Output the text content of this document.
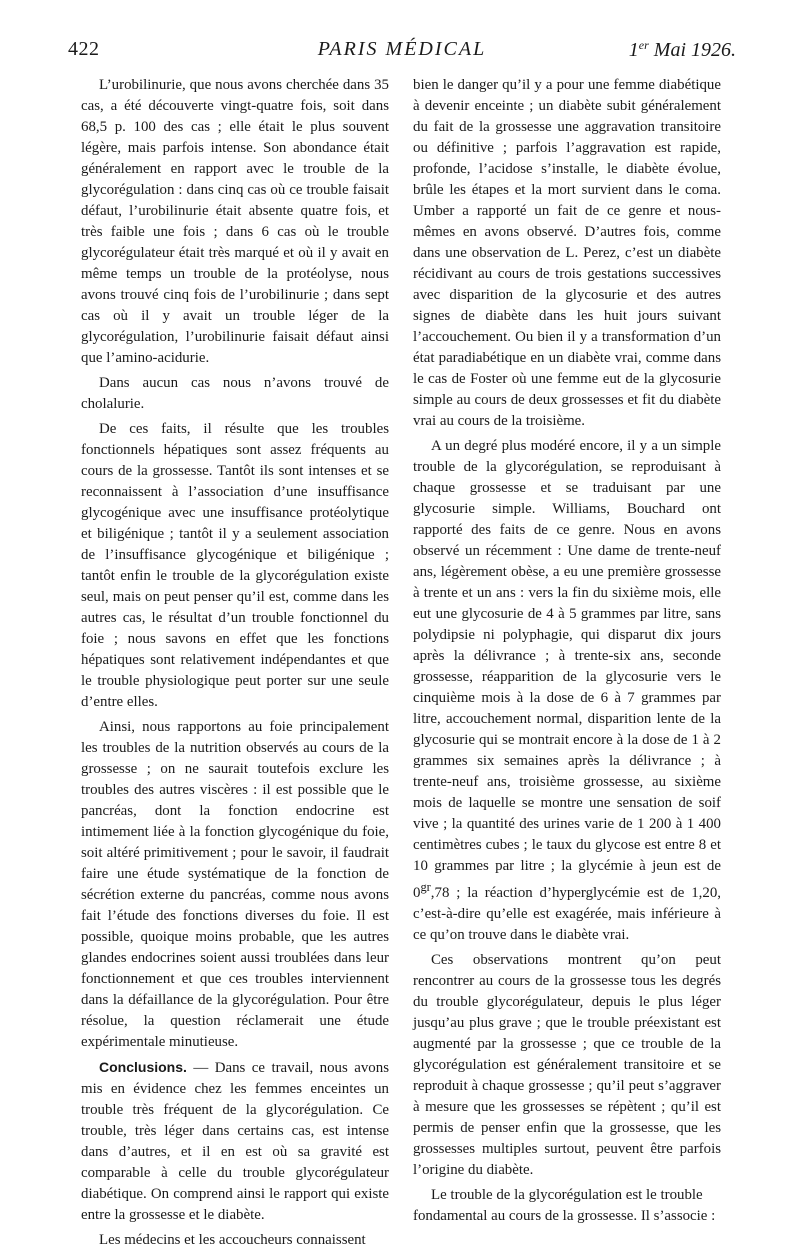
422	PARIS MÉDICAL	1er Mai 1926.

L’urobilinurie, que nous avons cherchée dans 35 cas, a été découverte vingt-quatre fois, soit dans 68,5 p. 100 des cas ; elle était le plus souvent légère, mais parfois intense. Son abondance était généralement en rapport avec le trouble de la glycorégulation : dans cinq cas où ce trouble faisait défaut, l’urobilinurie était absente quatre fois, et très faible une fois ; dans 6 cas où le trouble glycorégulateur était très marqué et où il y avait en même temps un trouble de la protéolyse, nous avons trouvé cinq fois de l’urobilinurie ; dans sept cas où il y avait un trouble léger de la glycorégulation, l’urobilinurie faisait défaut ainsi que l’amino-acidurie.

Dans aucun cas nous n’avons trouvé de cholalurie.

De ces faits, il résulte que les troubles fonctionnels hépatiques sont assez fréquents au cours de la grossesse. Tantôt ils sont intenses et se reconnaissent à l’association d’une insuffisance glycogénique avec une insuffisance protéolytique et biligénique ; tantôt il y a seulement association de l’insuffisance glycogénique et biligénique ; tantôt enfin le trouble de la glycorégulation existe seul, mais on peut penser qu’il est, comme dans les autres cas, le résultat d’un trouble fonctionnel du foie ; nous savons en effet que les fonctions hépatiques sont relativement indépendantes et que le trouble physiologique peut porter sur une seule d’entre elles.

Ainsi, nous rapportons au foie principalement les troubles de la nutrition observés au cours de la grossesse ; on ne saurait toutefois exclure les troubles des autres viscères : il est possible que le pancréas, dont la fonction endocrine est intimement liée à la fonction glycogénique du foie, soit altéré primitivement ; pour le savoir, il faudrait faire une étude systématique de la fonction de sécrétion externe du pancréas, comme nous avons fait l’étude des fonctions diverses du foie. Il est possible, quoique moins probable, que les autres glandes endocrines soient aussi troublées dans leur fonctionnement et que ces troubles interviennent dans la défaillance de la glycorégulation. Pour être résolue, la question réclamerait une étude expérimentale minutieuse.

Conclusions. — Dans ce travail, nous avons mis en évidence chez les femmes enceintes un trouble très fréquent de la glycorégulation. Ce trouble, très léger dans certains cas, est intense dans d’autres, et il en est où sa gravité est comparable à celle du trouble glycorégulateur diabétique. On comprend ainsi le rapport qui existe entre la grossesse et le diabète.

Les médecins et les accoucheurs connaissent

bien le danger qu’il y a pour une femme diabétique à devenir enceinte ; un diabète subit généralement du fait de la grossesse une aggravation transitoire ou définitive ; parfois l’aggravation est rapide, profonde, l’acidose s’installe, le diabète évolue, brûle les étapes et la mort survient dans le coma. Umber a rapporté un fait de ce genre et nous-mêmes en avons observé. D’autres fois, comme dans une observation de L. Perez, c’est un diabète récidivant au cours de trois gestations successives avec disparition de la glycosurie et des autres signes de diabète dans les huit jours suivant l’accouchement. Ou bien il y a transformation d’un état paradiabétique en un diabète vrai, comme dans le cas de Foster où une femme eut de la glycosurie simple au cours de deux grossesses et fit du diabète vrai au cours de la troisième.

A un degré plus modéré encore, il y a un simple trouble de la glycorégulation, se reproduisant à chaque grossesse et se traduisant par une glycosurie simple. Williams, Bouchard ont rapporté des faits de ce genre. Nous en avons observé un récemment : Une dame de trente-neuf ans, légèrement obèse, a eu une première grossesse à trente et un ans : vers la fin du sixième mois, elle eut une glycosurie de 4 à 5 grammes par litre, sans polydipsie ni polyphagie, qui disparut dix jours après la délivrance ; à trente-six ans, seconde grossesse, réapparition de la glycosurie vers le cinquième mois à la dose de 6 à 7 grammes par litre, accouchement normal, disparition lente de la glycosurie qui se montrait encore à la dose de 1 à 2 grammes six semaines après la délivrance ; à trente-neuf ans, troisième grossesse, au sixième mois de laquelle se montre une sensation de soif vive ; la quantité des urines varie de 1 200 à 1 400 centimètres cubes ; le taux du glycose est entre 8 et 10 grammes par litre ; la glycémie à jeun est de $0^{gr},78$ ; la réaction d’hyperglycémie est de 1,20, c’est-à-dire qu’elle est exagérée, mais inférieure à ce qu’on trouve dans le diabète vrai.

Ces observations montrent qu’on peut rencontrer au cours de la grossesse tous les degrés du trouble glycorégulateur, depuis le plus léger jusqu’au plus grave ; que le trouble préexistant est augmenté par la grossesse ; que ce trouble de la glycorégulation est généralement transitoire et se reproduit à chaque grossesse ; qu’il peut s’aggraver à mesure que les grossesses se répètent ; qu’il est permis de penser enfin que la grossesse, que les grossesses multiples surtout, peuvent être parfois l’origine du diabète.

Le trouble de la glycorégulation est le trouble fondamental au cours de la grossesse. Il s’associe :
